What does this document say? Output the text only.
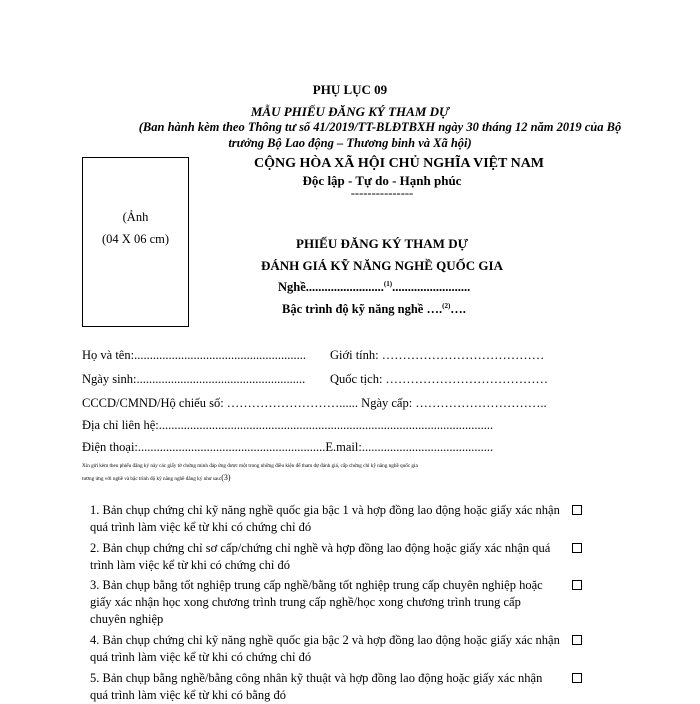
PHỤ LỤC 09
MẪU PHIẾU ĐĂNG KÝ THAM DỰ
(Ban hành kèm theo Thông tư số 41/2019/TT-BLĐTBXH ngày 30 tháng 12 năm 2019 của Bộ
trưởng Bộ Lao động – Thương binh và Xã hội)
CỘNG HÒA XÃ HỘI CHỦ NGHĨA VIỆT NAM
Độc lập - Tự do - Hạnh phúc
---------------
(Ảnh
(04 X 06 cm)	PHIẾU ĐĂNG KÝ THAM DỰ
ĐÁNH GIÁ KỸ NĂNG NGHỀ QUỐC GIA
Nghề.........................$^{(1)}$.........................
Bậc trình độ kỹ năng nghề ….$^{(2)}$….
Họ và tên:....................................................... Giới tính: …………………………………
Ngày sinh:...................................................... Quốc tịch: …………………………………
CCCD/CMND/Hộ chiếu số: ………………………...... Ngày cấp: …………………………..
Địa chỉ liên hệ:...........................................................................................................
Điện thoại:............................................................E.mail:..........................................
Xin gửi kèm theo phiếu đăng ký này các giấy tờ chứng minh đáp ứng được một trong những điều kiện để tham dự đánh giá, cấp chứng chỉ kỹ năng nghề quốc gia
tương ứng với nghề và bậc trình độ kỹ năng nghề đăng ký như sau:(3)
1. Bản chụp chứng chỉ kỹ năng nghề quốc gia bậc 1 và hợp đồng lao động hoặc giấy xác nhận quá trình làm việc kể từ khi có chứng chỉ đó
2. Bản chụp chứng chỉ sơ cấp/chứng chỉ nghề và hợp đồng lao động hoặc giấy xác nhận quá trình làm việc kể từ khi có chứng chỉ đó
3. Bản chụp bằng tốt nghiệp trung cấp nghề/bằng tốt nghiệp trung cấp chuyên nghiệp hoặc giấy xác nhận học xong chương trình trung cấp nghề/học xong chương trình trung cấp chuyên nghiệp
4. Bản chụp chứng chỉ kỹ năng nghề quốc gia bậc 2 và hợp đồng lao động hoặc giấy xác nhận quá trình làm việc kể từ khi có chứng chỉ đó
5. Bản chụp bằng nghề/bằng công nhân kỹ thuật và hợp đồng lao động hoặc giấy xác nhận quá trình làm việc kể từ khi có bằng đó
